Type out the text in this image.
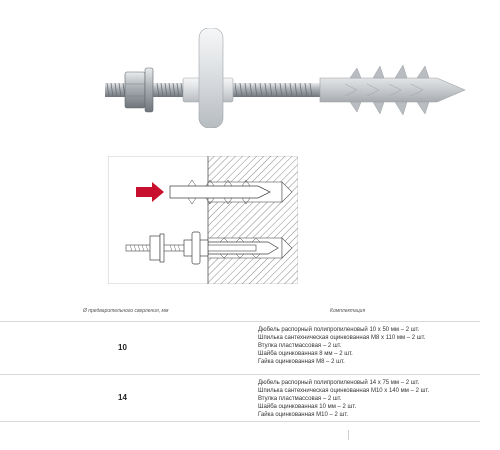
Ø предварительного сверления, мм	Комплектация
10
Дюбель распорный полипропиленовый 10 х 50 мм – 2 шт.
Шпилька сантехническая оцинкованная M8 х 110 мм – 2 шт.
Втулка пластмассовая – 2 шт.
Шайба оцинкованная 8 мм – 2 шт.
Гайка оцинкованная M8 – 2 шт.
14
Дюбель распорный полипропиленовый 14 х 75 мм – 2 шт.
Шпилька сантехническая оцинкованная M10 х 140 мм – 2 шт.
Втулка пластмассовая – 2 шт.
Шайба оцинкованная 10 мм – 2 шт.
Гайка оцинкованная M10 – 2 шт.
